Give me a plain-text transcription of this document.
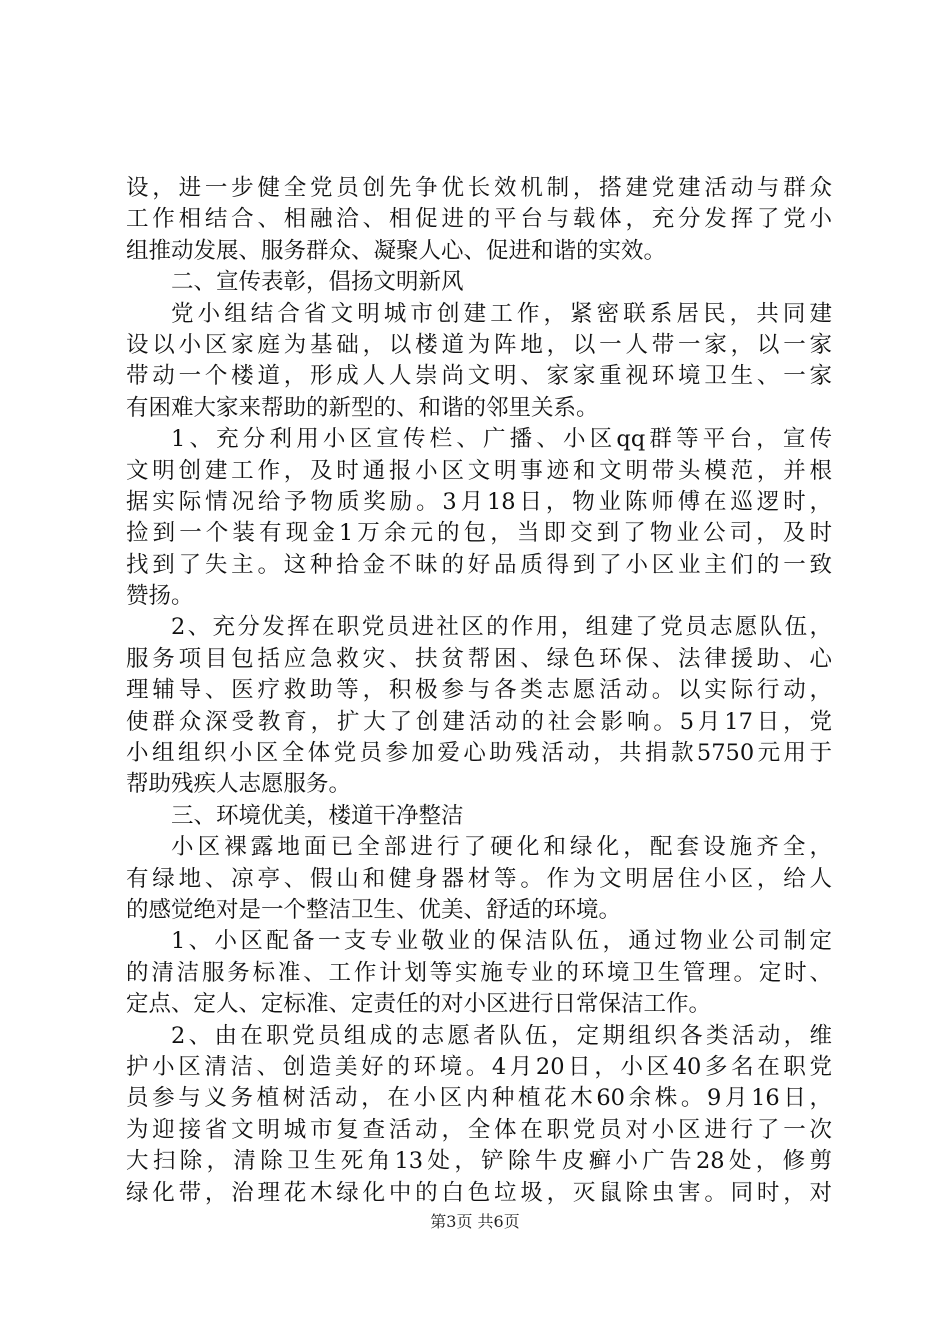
设，进一步健全党员创先争优长效机制，搭建党建活动与群众
工作相结合、相融洽、相促进的平台与载体，充分发挥了党小
组推动发展、服务群众、凝聚人心、促进和谐的实效。
二、宣传表彰，倡扬文明新风
党小组结合省文明城市创建工作，紧密联系居民，共同建
设以小区家庭为基础，以楼道为阵地，以一人带一家，以一家
带动一个楼道，形成人人崇尚文明、家家重视环境卫生、一家
有困难大家来帮助的新型的、和谐的邻里关系。
1、充分利用小区宣传栏、广播、小区qq群等平台，宣传
文明创建工作，及时通报小区文明事迹和文明带头模范，并根
据实际情况给予物质奖励。3月18日，物业陈师傅在巡逻时，
捡到一个装有现金1万余元的包，当即交到了物业公司，及时
找到了失主。这种拾金不昧的好品质得到了小区业主们的一致
赞扬。
2、充分发挥在职党员进社区的作用，组建了党员志愿队伍，
服务项目包括应急救灾、扶贫帮困、绿色环保、法律援助、心
理辅导、医疗救助等，积极参与各类志愿活动。以实际行动，
使群众深受教育，扩大了创建活动的社会影响。5月17日，党
小组组织小区全体党员参加爱心助残活动，共捐款5750元用于
帮助残疾人志愿服务。
三、环境优美，楼道干净整洁
小区裸露地面已全部进行了硬化和绿化，配套设施齐全，
有绿地、凉亭、假山和健身器材等。作为文明居住小区，给人
的感觉绝对是一个整洁卫生、优美、舒适的环境。
1、小区配备一支专业敬业的保洁队伍，通过物业公司制定
的清洁服务标准、工作计划等实施专业的环境卫生管理。定时、
定点、定人、定标准、定责任的对小区进行日常保洁工作。
2、由在职党员组成的志愿者队伍，定期组织各类活动，维
护小区清洁、创造美好的环境。4月20日，小区40多名在职党
员参与义务植树活动，在小区内种植花木60余株。9月16日，
为迎接省文明城市复查活动，全体在职党员对小区进行了一次
大扫除，清除卫生死角13处，铲除牛皮癣小广告28处，修剪
绿化带，治理花木绿化中的白色垃圾，灭鼠除虫害。同时，对
第3页 共6页
